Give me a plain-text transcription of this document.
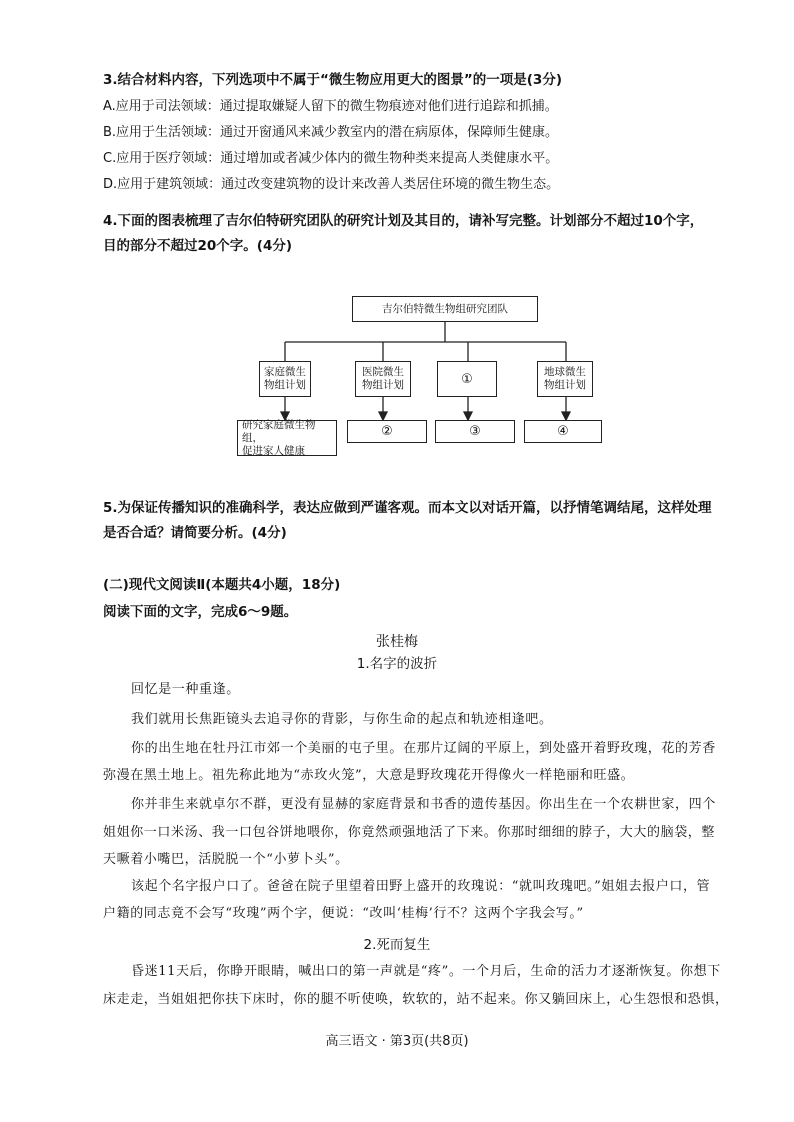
3.结合材料内容，下列选项中不属于“微生物应用更大的图景”的一项是(3分)
A.应用于司法领域：通过提取嫌疑人留下的微生物痕迹对他们进行追踪和抓捕。
B.应用于生活领域：通过开窗通风来减少教室内的潜在病原体，保障师生健康。
C.应用于医疗领域：通过增加或者减少体内的微生物种类来提高人类健康水平。
D.应用于建筑领域：通过改变建筑物的设计来改善人类居住环境的微生物生态。
4.下面的图表梳理了吉尔伯特研究团队的研究计划及其目的，请补写完整。计划部分不超过10个字，
目的部分不超过20个字。(4分)
吉尔伯特微生物组研究团队
家庭微生
物组计划
医院微生
物组计划	①	地球微生
物组计划
研究家庭微生物组，
促进家人健康
②	③	④
5.为保证传播知识的准确科学，表达应做到严谨客观。而本文以对话开篇，以抒情笔调结尾，这样处理
是否合适？请简要分析。(4分)
(二)现代文阅读Ⅱ(本题共4小题，18分)
阅读下面的文字，完成6～9题。
张桂梅
1.名字的波折
回忆是一种重逢。
我们就用长焦距镜头去追寻你的背影，与你生命的起点和轨迹相逢吧。
你的出生地在牡丹江市郊一个美丽的屯子里。在那片辽阔的平原上，到处盛开着野玫瑰，花的芳香
弥漫在黑土地上。祖先称此地为“赤玫火笼”，大意是野玫瑰花开得像火一样艳丽和旺盛。
你并非生来就卓尔不群，更没有显赫的家庭背景和书香的遗传基因。你出生在一个农耕世家，四个
姐姐你一口米汤、我一口包谷饼地喂你，你竟然顽强地活了下来。你那时细细的脖子，大大的脑袋，整
天噘着小嘴巴，活脱脱一个“小萝卜头”。
该起个名字报户口了。爸爸在院子里望着田野上盛开的玫瑰说：“就叫玫瑰吧。”姐姐去报户口，管
户籍的同志竟不会写“玫瑰”两个字，便说：“改叫‘桂梅’行不？这两个字我会写。”
2.死而复生
昏迷11天后，你睁开眼睛，喊出口的第一声就是“疼”。一个月后，生命的活力才逐渐恢复。你想下
床走走，当姐姐把你扶下床时，你的腿不听使唤，软软的，站不起来。你又躺回床上，心生怨恨和恐惧，
高三语文 · 第3页(共8页)
